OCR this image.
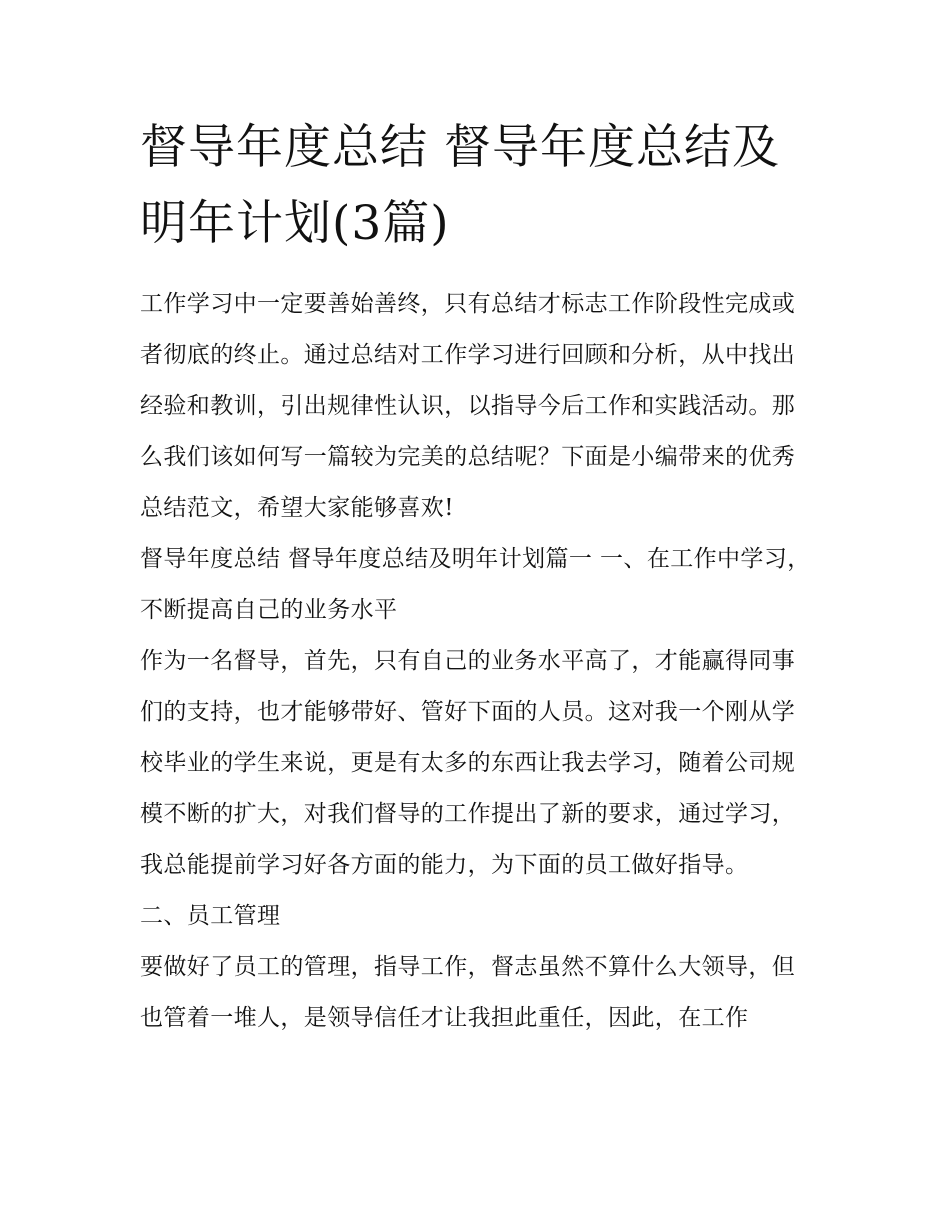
督导年度总结 督导年度总结及明年计划(3篇)

工作学习中一定要善始善终，只有总结才标志工作阶段性完成或者彻底的终止。通过总结对工作学习进行回顾和分析，从中找出经验和教训，引出规律性认识，以指导今后工作和实践活动。那么我们该如何写一篇较为完美的总结呢？下面是小编带来的优秀总结范文，希望大家能够喜欢!

督导年度总结 督导年度总结及明年计划篇一 一、在工作中学习，不断提高自己的业务水平

作为一名督导，首先，只有自己的业务水平高了，才能赢得同事们的支持，也才能够带好、管好下面的人员。这对我一个刚从学校毕业的学生来说，更是有太多的东西让我去学习，随着公司规模不断的扩大，对我们督导的工作提出了新的要求，通过学习，我总能提前学习好各方面的能力，为下面的员工做好指导。

二、员工管理

要做好了员工的管理，指导工作，督志虽然不算什么大领导，但也管着一堆人，是领导信任才让我担此重任，因此，在工作
